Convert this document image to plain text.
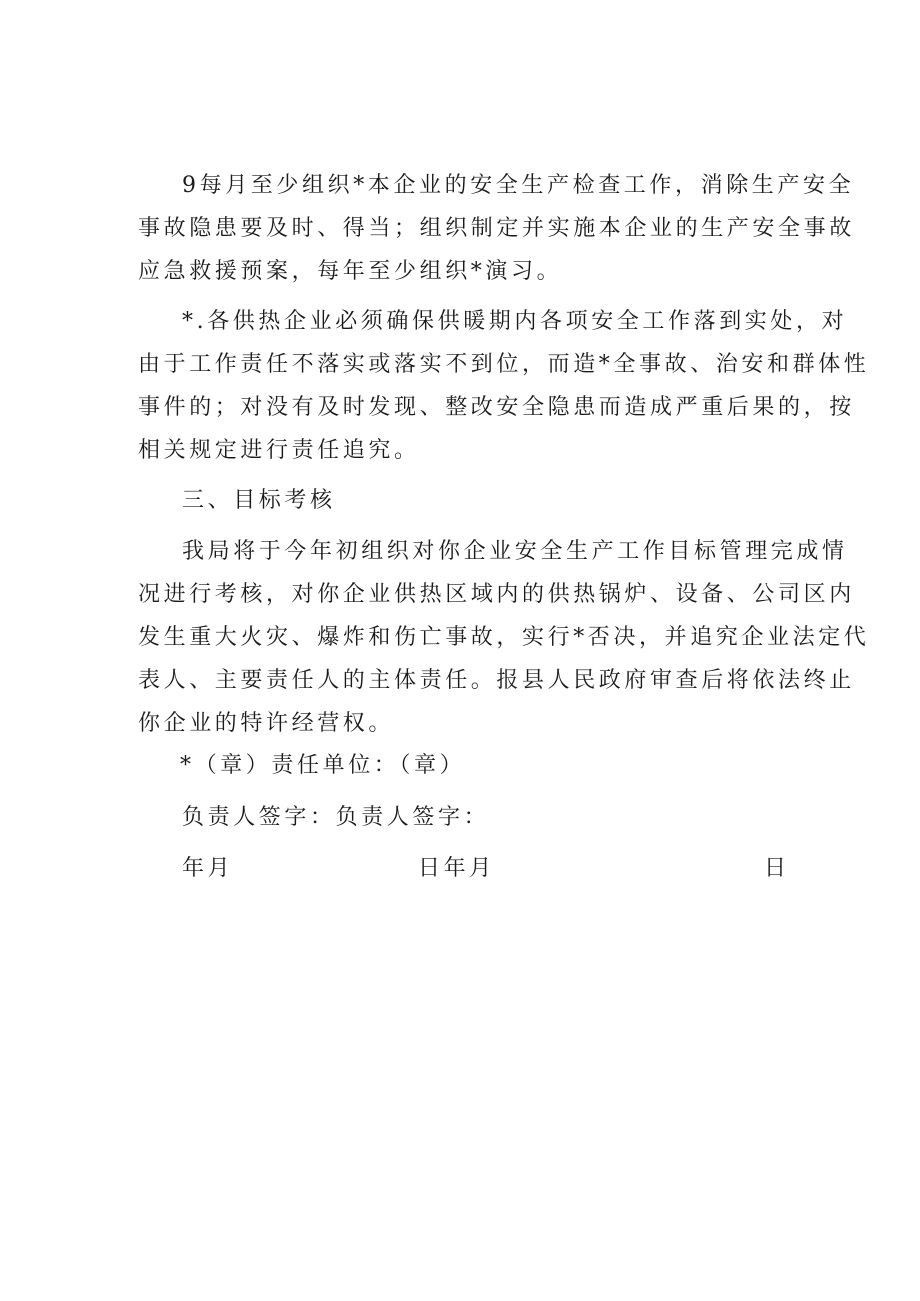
9每月至少组织*本企业的安全生产检查工作，消除生产安全
事故隐患要及时、得当；组织制定并实施本企业的生产安全事故
应急救援预案，每年至少组织*演习。
*.各供热企业必须确保供暖期内各项安全工作落到实处，对
由于工作责任不落实或落实不到位，而造*全事故、治安和群体性
事件的；对没有及时发现、整改安全隐患而造成严重后果的，按
相关规定进行责任追究。
三、目标考核
我局将于今年初组织对你企业安全生产工作目标管理完成情
况进行考核，对你企业供热区域内的供热锅炉、设备、公司区内
发生重大火灾、爆炸和伤亡事故，实行*否决，并追究企业法定代
表人、主要责任人的主体责任。报县人民政府审查后将依法终止
你企业的特许经营权。
*（章）责任单位：（章）
负责人签字：负责人签字：
年月	日年月	日
